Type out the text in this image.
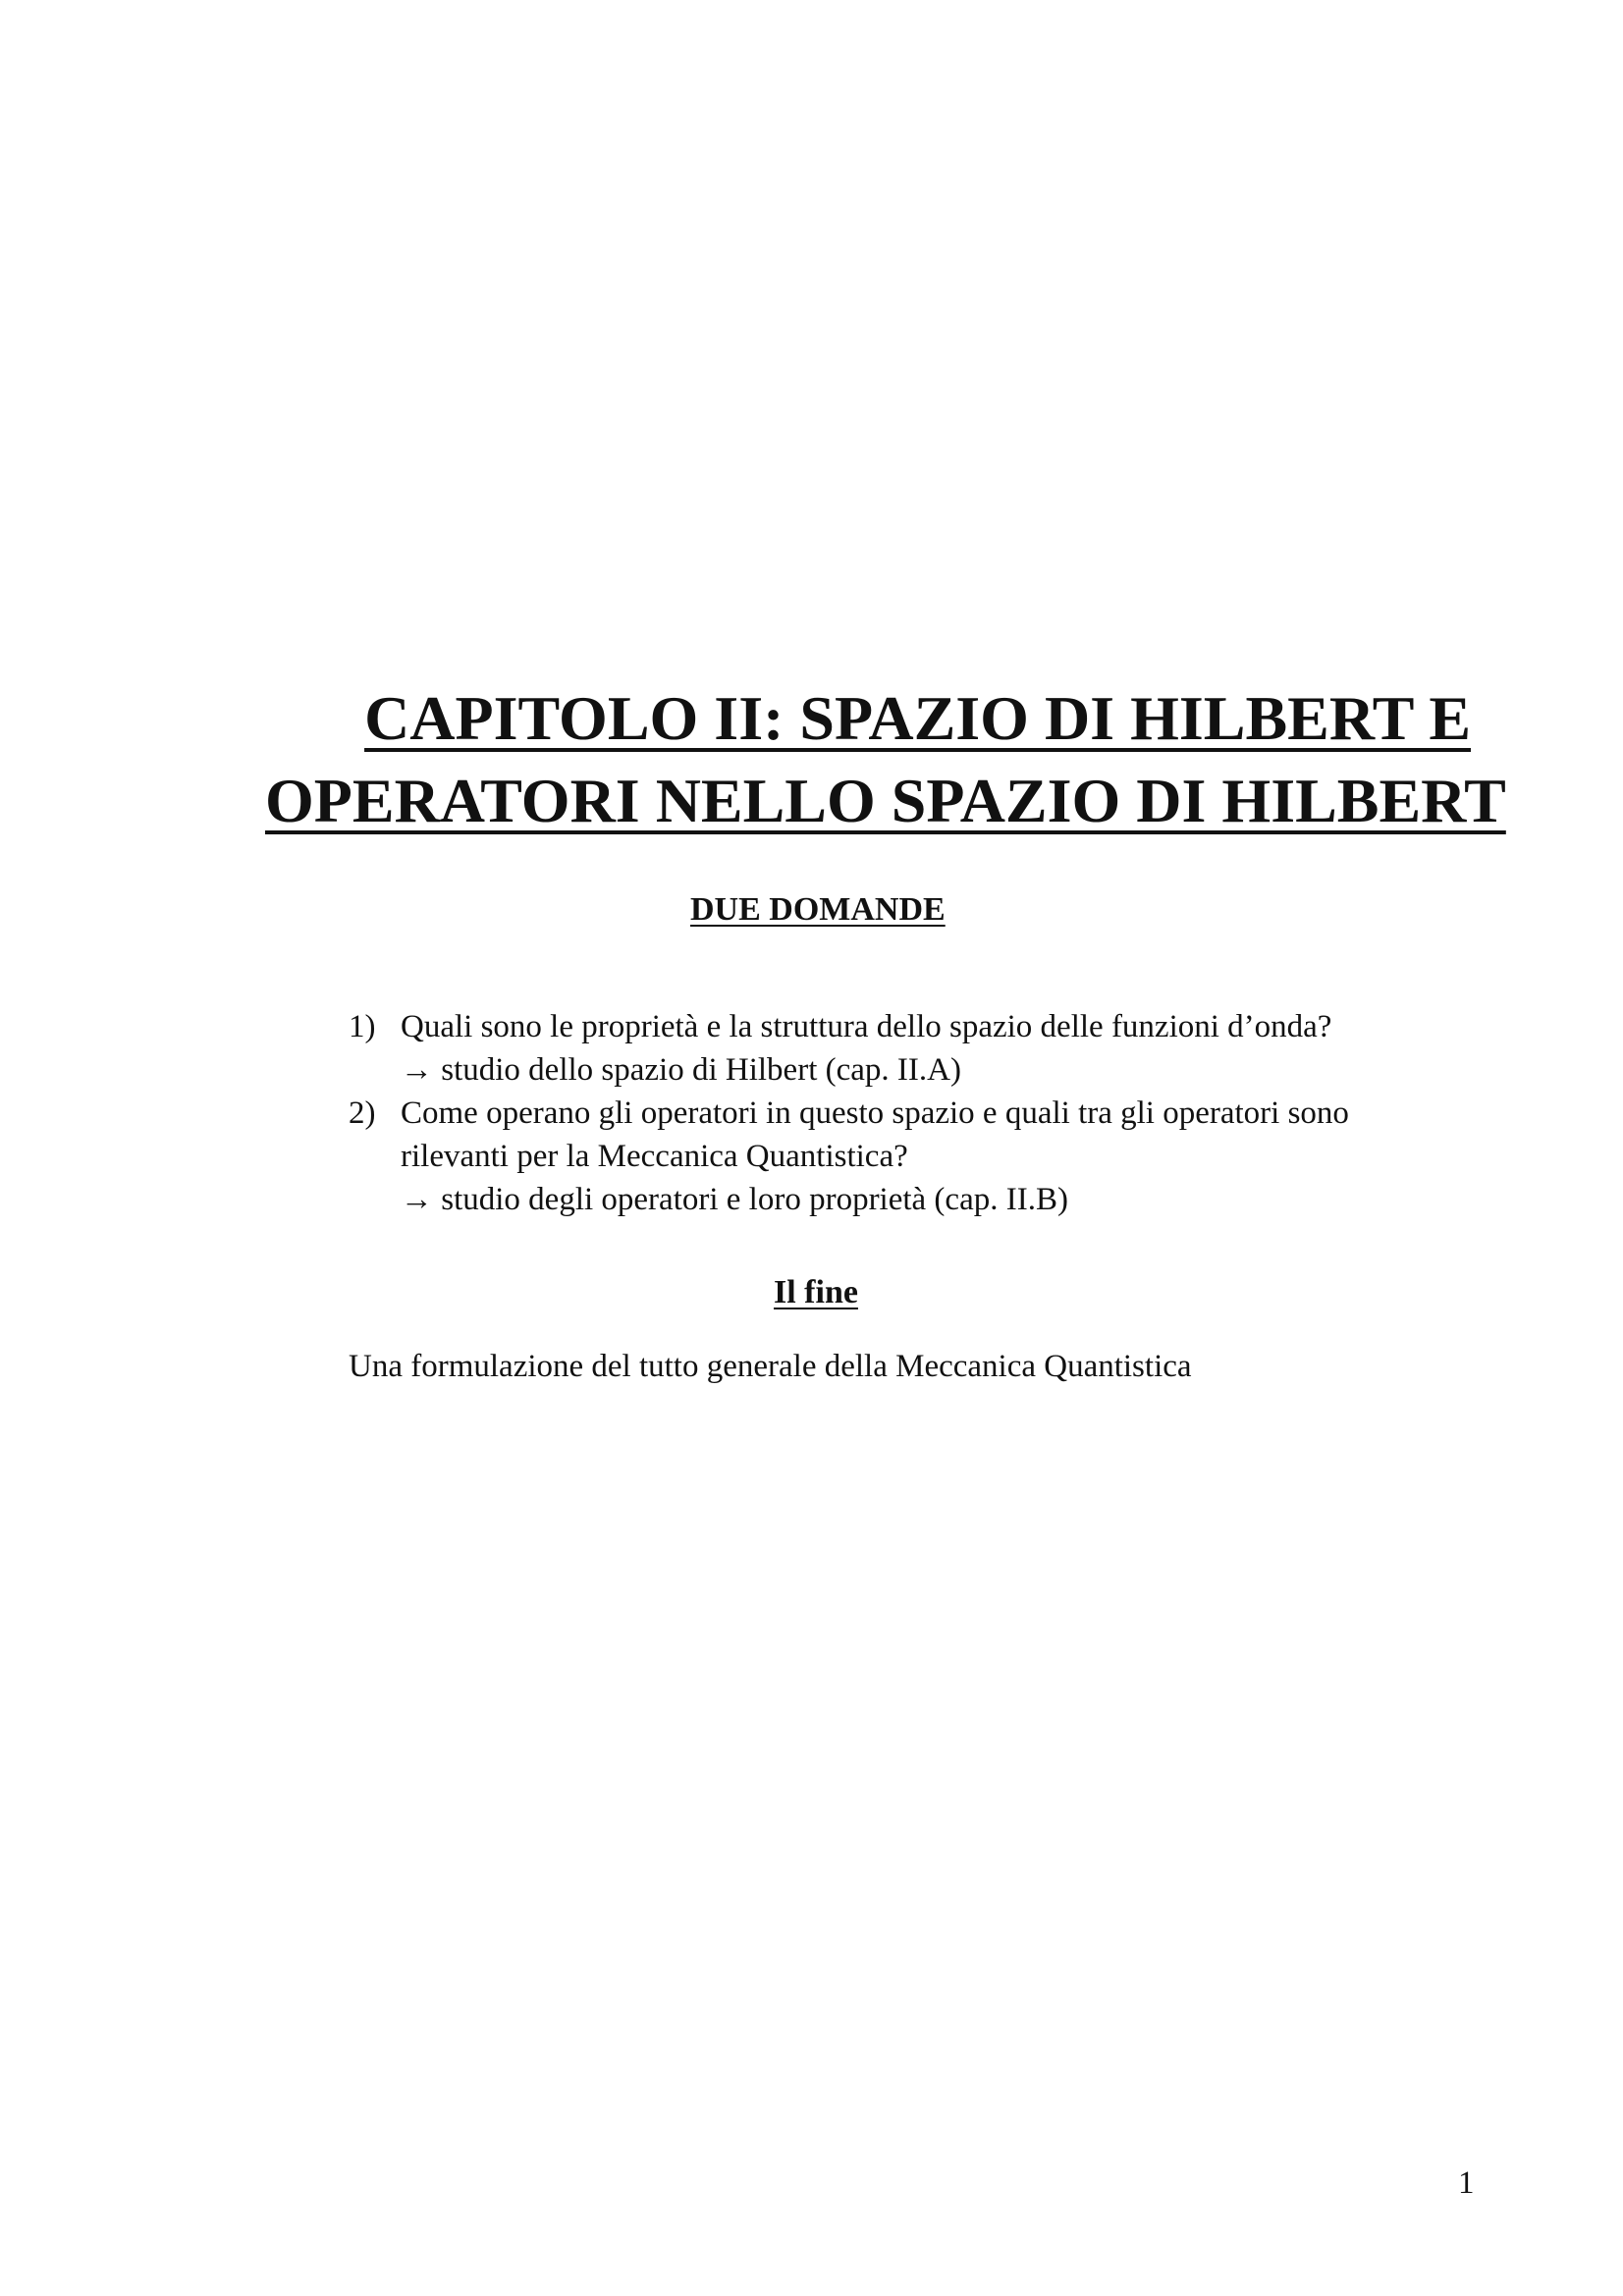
CAPITOLO II: SPAZIO DI HILBERT E
OPERATORI NELLO SPAZIO DI HILBERT
DUE DOMANDE
1) Quali sono le proprietà e la struttura dello spazio delle funzioni d’onda?
→ studio dello spazio di Hilbert (cap. II.A)
2) Come operano gli operatori in questo spazio e quali tra gli operatori sono
rilevanti per la Meccanica Quantistica?
→ studio degli operatori e loro proprietà (cap. II.B)
Il fine

Una formulazione del tutto generale della Meccanica Quantistica

1
